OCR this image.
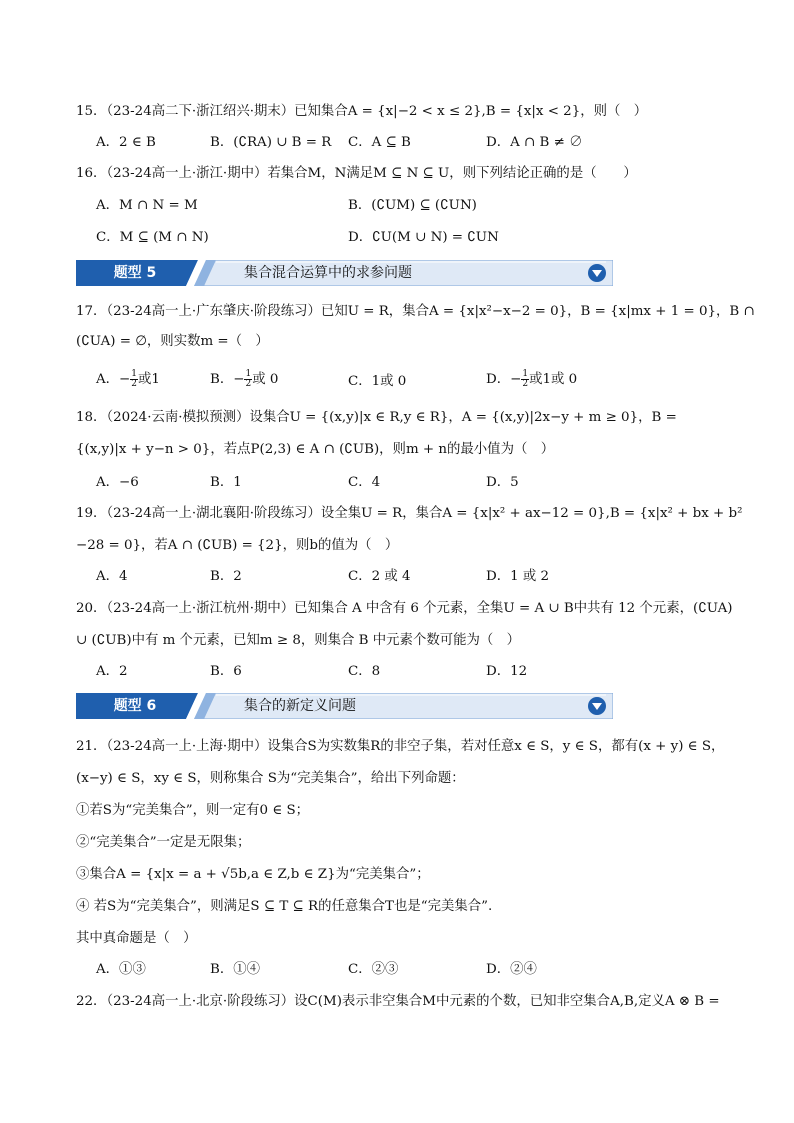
15．（23-24高二下·浙江绍兴·期末）已知集合A = {x|−2 < x ≤ 2},B = {x|x < 2}，则（　）
A．2 ∈ B	B．(∁RA) ∪ B = R C．A ⊆ B	D．A ∩ B ≠ ∅
16．（23-24高一上·浙江·期中）若集合M，N满足M ⊆ N ⊆ U，则下列结论正确的是（　　）
A．M ∩ N = M	B．(∁UM) ⊆ (∁UN)
C．M ⊆ (M ∩ N)	D．∁U(M ∪ N) = ∁UN
题型 5	集合混合运算中的求参问题
17．（23-24高一上·广东肇庆·阶段练习）已知U = R，集合A = {x|x²−x−2 = 0}，B = {x|mx + 1 = 0}，B ∩
(∁UA) = ∅，则实数m =（　）
A．− $\frac{1}{2}$ 或1	B．− $\frac{1}{2}$ 或 0	C．1或 0	D．− $\frac{1}{2}$ 或1或 0
18．（2024·云南·模拟预测）设集合U = {(x,y)|x ∈ R,y ∈ R}，A = {(x,y)|2x−y + m ≥ 0}，B =
{(x,y)|x + y−n > 0}，若点P(2,3) ∈ A ∩ (∁UB)，则m + n的最小值为（　）
A．−6	B．1	C．4	D．5
19．（23-24高一上·湖北襄阳·阶段练习）设全集U = R，集合A = {x|x² + ax−12 = 0},B = {x|x² + bx + b²
−28 = 0}，若A ∩ (∁UB) = {2}，则b的值为（　）
A．4	B．2	C．2 或 4	D．1 或 2
20．（23-24高一上·浙江杭州·期中）已知集合 A 中含有 6 个元素，全集U = A ∪ B中共有 12 个元素，(∁UA)
∪ (∁UB)中有 m 个元素，已知m ≥ 8，则集合 B 中元素个数可能为（　）
A．2	B．6	C．8	D．12
题型 6	集合的新定义问题
21．（23-24高一上·上海·期中）设集合S为实数集R的非空子集，若对任意x ∈ S，y ∈ S，都有(x + y) ∈ S，
(x−y) ∈ S，xy ∈ S，则称集合 S为“完美集合”，给出下列命题：
①若S为“完美集合”，则一定有0 ∈ S；
②“完美集合”一定是无限集；
③集合A = {x|x = a + √5b,a ∈ Z,b ∈ Z}为“完美集合”；
④ 若S为“完美集合”，则满足S ⊆ T ⊆ R的任意集合T也是“完美集合”.
其中真命题是（　）
A．①③	B．①④	C．②③	D．②④
22．（23-24高一上·北京·阶段练习）设C(M)表示非空集合M中元素的个数，已知非空集合A,B,定义A ⊗ B =
